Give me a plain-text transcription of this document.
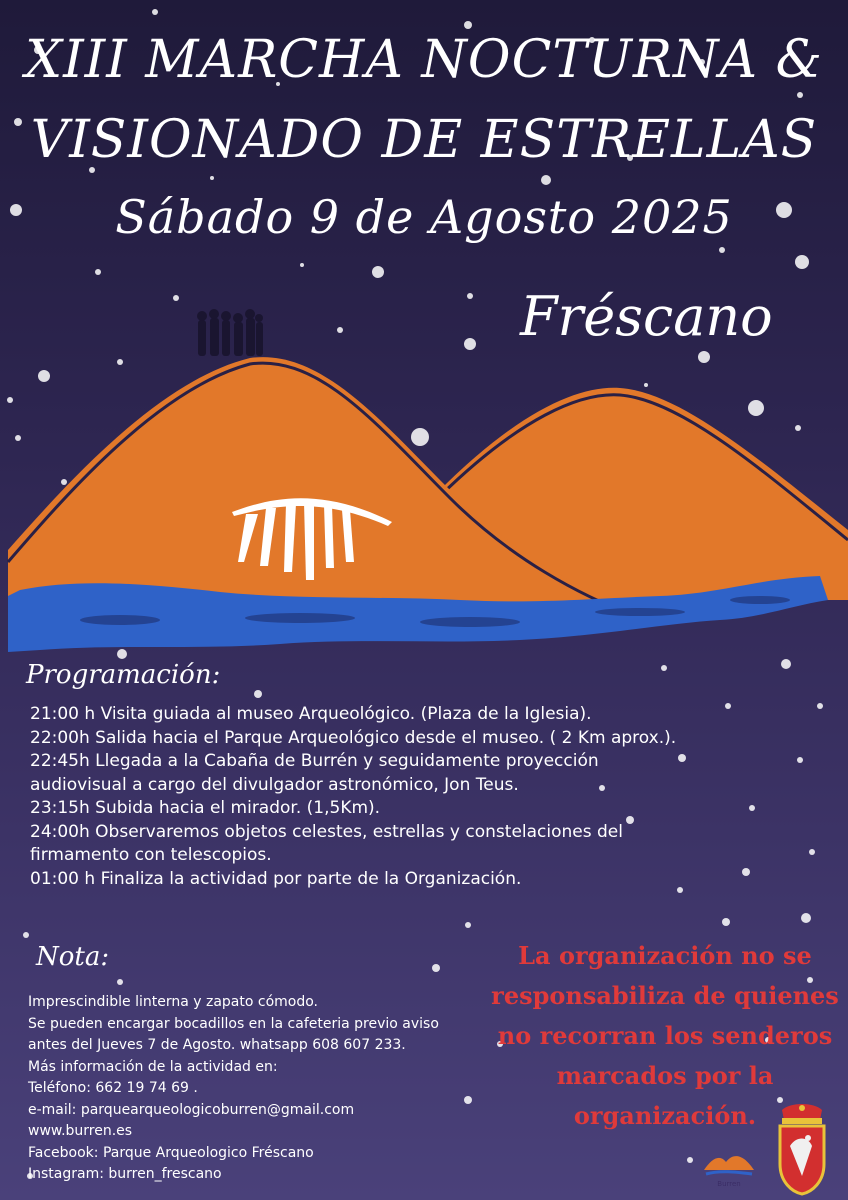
XIII MARCHA NOCTURNA &
VISIONADO DE ESTRELLAS
Sábado 9 de Agosto 2025
Fréscano
Programación:
21:00 h Visita guiada al museo Arqueológico. (Plaza de la Iglesia).
22:00h Salida hacia el Parque Arqueológico desde el museo. ( 2 Km aprox.).
22:45h Llegada a la Cabaña de Burrén y seguidamente proyección
audiovisual a cargo del divulgador astronómico, Jon Teus.
23:15h Subida hacia el mirador. (1,5Km).
24:00h Observaremos objetos celestes, estrellas y constelaciones del
firmamento con telescopios.
01:00 h Finaliza la actividad por parte de la Organización.
Nota:
Imprescindible linterna y zapato cómodo.
Se pueden encargar bocadillos en la cafeteria previo aviso
antes del Jueves 7 de Agosto. whatsapp 608 607 233.
Más información de la actividad en:
Teléfono: 662 19 74 69 .
e-mail: parquearqueologicoburren@gmail.com
www.burren.es
Facebook: Parque Arqueologico Fréscano
Instagram: burren_frescano
La organización no se
responsabiliza de quienes
no recorran los senderos
marcados por la
organización.
Burren
